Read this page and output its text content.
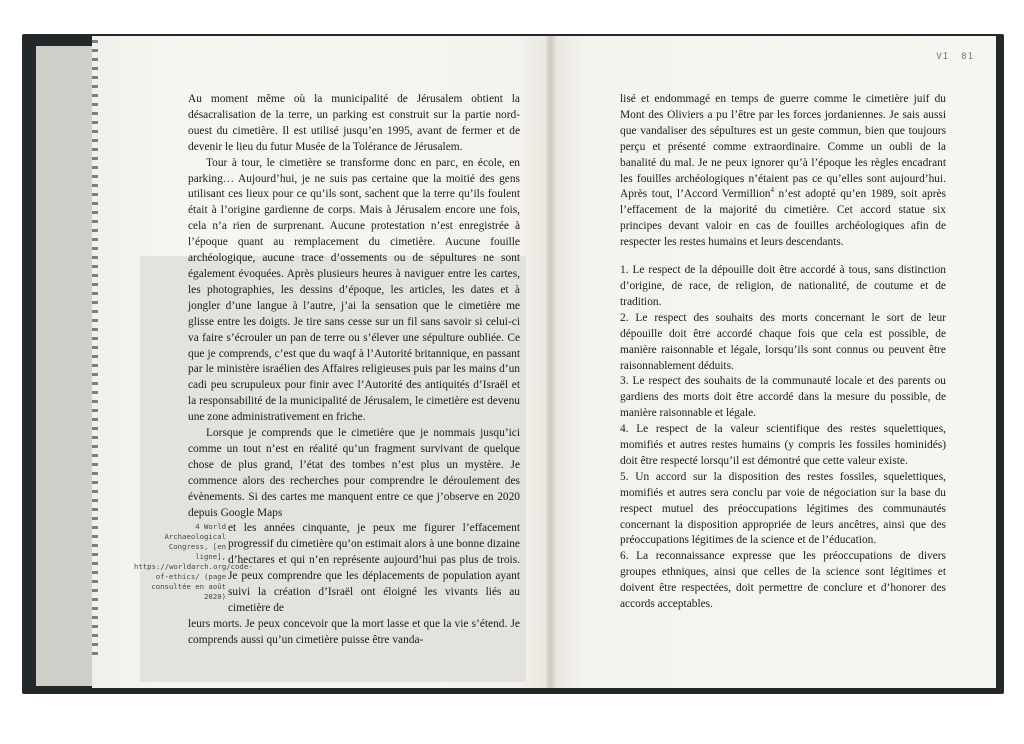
VI 81

Au moment même où la municipalité de Jérusalem obtient la désacralisation de la terre, un parking est construit sur la partie nord-ouest du cimetière. Il est utilisé jusqu’en 1995, avant de fermer et de devenir le lieu du futur Musée de la Tolérance de Jérusalem.

Tour à tour, le cimetière se transforme donc en parc, en école, en parking… Aujourd’hui, je ne suis pas certaine que la moitié des gens utilisant ces lieux pour ce qu’ils sont, sachent que la terre qu’ils foulent était à l’origine gardienne de corps. Mais à Jérusalem encore une fois, cela n’a rien de surprenant. Aucune protestation n’est enregistrée à l’époque quant au remplacement du cimetière. Aucune fouille archéologique, aucune trace d’ossements ou de sépultures ne sont également évoquées. Après plusieurs heures à naviguer entre les cartes, les photographies, les dessins d’époque, les articles, les dates et à jongler d’une langue à l’autre, j’ai la sensation que le cimetière me glisse entre les doigts. Je tire sans cesse sur un fil sans savoir si celui-ci va faire s’écrouler un pan de terre ou s’élever une sépulture oubliée. Ce que je comprends, c’est que du waqf à l’Autorité britannique, en passant par le ministère israélien des Affaires religieuses puis par les mains d’un cadi peu scrupuleux pour finir avec l’Autorité des antiquités d’Israël et la responsabilité de la municipalité de Jérusalem, le cimetière est devenu une zone administrativement en friche.

Lorsque je comprends que le cimetière que je nommais jusqu’ici comme un tout n’est en réalité qu’un fragment survivant de quelque chose de plus grand, l’état des tombes n’est plus un mystère. Je commence alors des recherches pour comprendre le déroulement des évènements. Si des cartes me manquent entre ce que j’observe en 2020 depuis Google Maps

et les années cinquante, je peux me figurer l’effacement progressif du cimetière qu’on estimait alors à une bonne dizaine d’hectares et qui n’en représente aujourd’hui pas plus de trois. Je peux comprendre que les déplacements de population ayant suivi la création d’Israël ont éloigné les vivants liés au cimetière de

leurs morts. Je peux concevoir que la mort lasse et que la vie s’étend. Je comprends aussi qu’un cimetière puisse être vanda-

4 World Archaeological Congress, [en ligne], https://worldarch.org/code-of-ethics/ (page consultée en août 2020)

lisé et endommagé en temps de guerre comme le cimetière juif du Mont des Oliviers a pu l’être par les forces jordaniennes. Je sais aussi que vandaliser des sépultures est un geste commun, bien que toujours perçu et présenté comme extraordinaire. Comme un oubli de la banalité du mal. Je ne peux ignorer qu’à l’époque les règles encadrant les fouilles archéologiques n’étaient pas ce qu’elles sont aujourd’hui. Après tout, l’Accord Vermillion$^4$ n’est adopté qu’en 1989, soit après l’effacement de la majorité du cimetière. Cet accord statue six principes devant valoir en cas de fouilles archéologiques afin de respecter les restes humains et leurs descendants.

1. Le respect de la dépouille doit être accordé à tous, sans distinction d’origine, de race, de religion, de nationalité, de coutume et de tradition.

2. Le respect des souhaits des morts concernant le sort de leur dépouille doit être accordé chaque fois que cela est possible, de manière raisonnable et légale, lorsqu’ils sont connus ou peuvent être raisonnablement déduits.

3. Le respect des souhaits de la communauté locale et des parents ou gardiens des morts doit être accordé dans la mesure du possible, de manière raisonnable et légale.

4. Le respect de la valeur scientifique des restes squelettiques, momifiés et autres restes humains (y compris les fossiles hominidés) doit être respecté lorsqu’il est démontré que cette valeur existe.

5. Un accord sur la disposition des restes fossiles, squelettiques, momifiés et autres sera conclu par voie de négociation sur la base du respect mutuel des préoccupations légitimes des communautés concernant la disposition appropriée de leurs ancêtres, ainsi que des préoccupations légitimes de la science et de l’éducation.

6. La reconnaissance expresse que les préoccupations de divers groupes ethniques, ainsi que celles de la science sont légitimes et doivent être respectées, doit permettre de conclure et d’honorer des accords acceptables.
